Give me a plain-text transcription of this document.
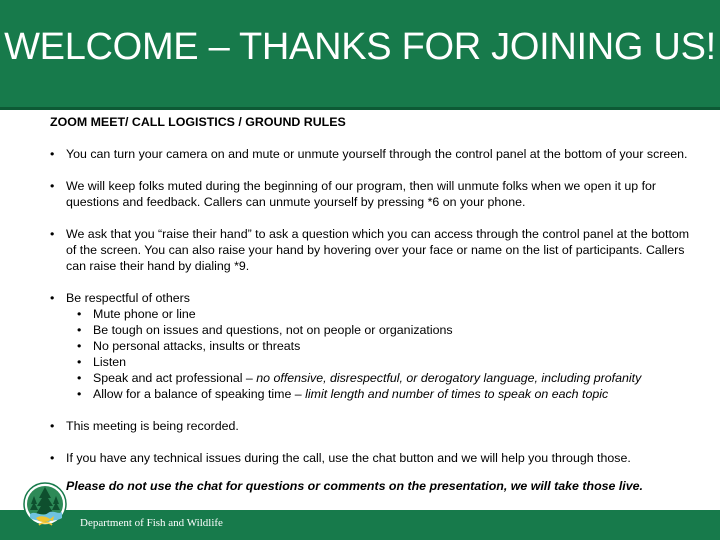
WELCOME – THANKS FOR JOINING US!

ZOOM MEET/ CALL LOGISTICS / GROUND RULES

• You can turn your camera on and mute or unmute yourself through the control panel at the bottom of your screen.

• We will keep folks muted during the beginning of our program, then will unmute folks when we open it up for questions and feedback. Callers can unmute yourself by pressing *6 on your phone.

• We ask that you “raise their hand” to ask a question which you can access through the control panel at the bottom of the screen. You can also raise your hand by hovering over your face or name on the list of participants. Callers can raise their hand by dialing *9.

• Be respectful of others

• Mute phone or line

• Be tough on issues and questions, not on people or organizations

• No personal attacks, insults or threats

• Listen

• Speak and act professional – no offensive, disrespectful, or derogatory language, including profanity

• Allow for a balance of speaking time – limit length and number of times to speak on each topic

• This meeting is being recorded.

• If you have any technical issues during the call, use the chat button and we will help you through those.

Please do not use the chat for questions or comments on the presentation, we will take those live.

Department of Fish and Wildlife
